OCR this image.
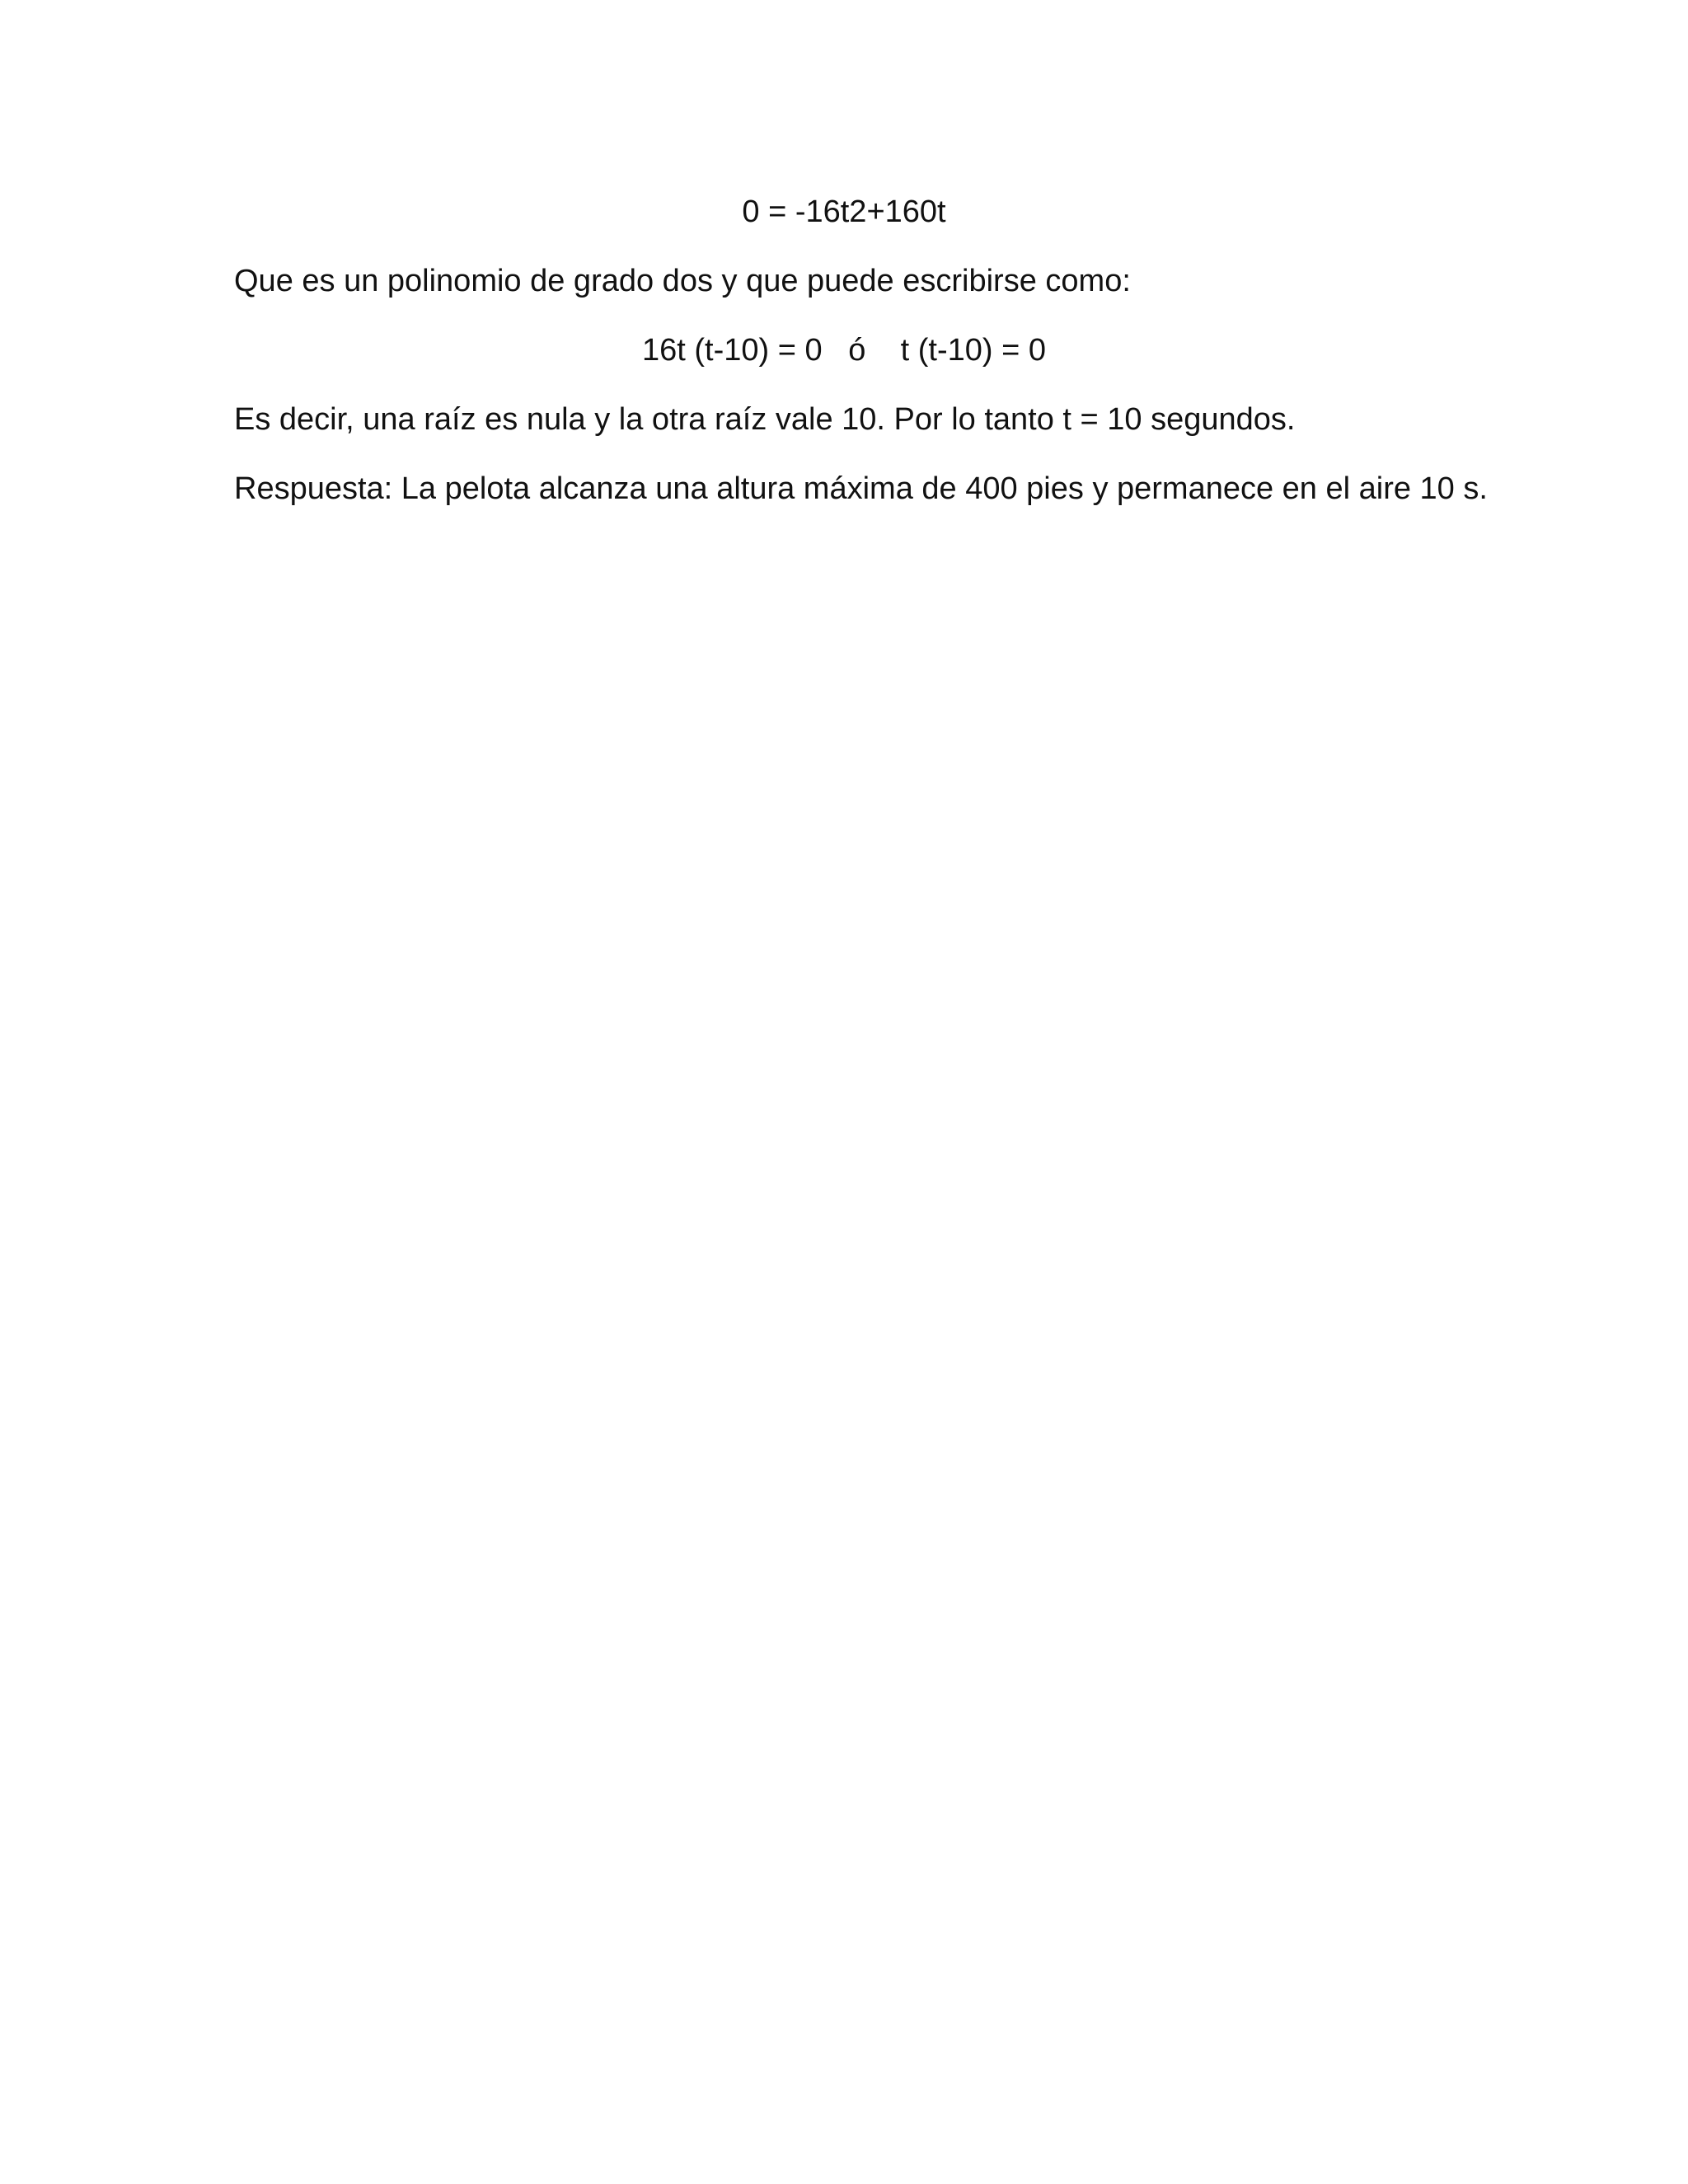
0 = -16t2+160t
Que es un polinomio de grado dos y que puede escribirse como:
16t (t-10) = 0   ó    t (t-10) = 0
Es decir, una raíz es nula y la otra raíz vale 10. Por lo tanto t = 10 segundos.
Respuesta: La pelota alcanza una altura máxima de 400 pies y permanece en el aire 10 s.
